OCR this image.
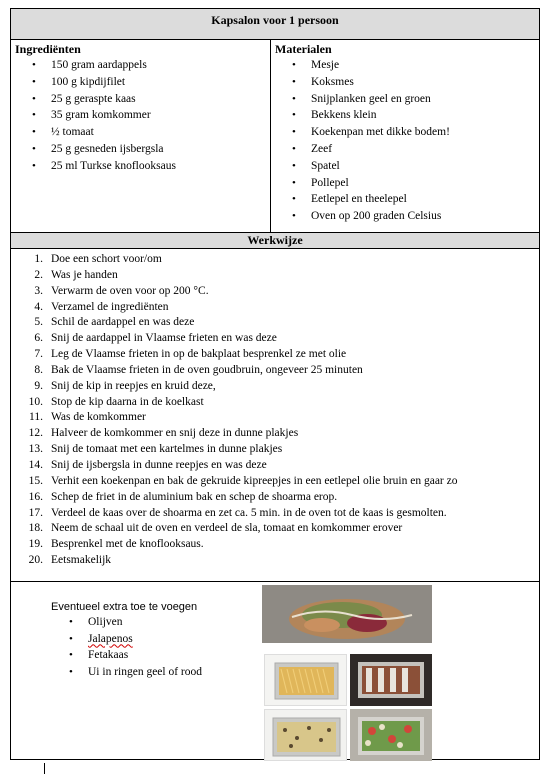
Kapsalon voor 1 persoon
Ingrediënten
• 150 gram aardappels
• 100 g kipdijfilet
• 25 g geraspte kaas
• 35 gram komkommer
• ½ tomaat
• 25 g gesneden ijsbergsla
• 25 ml Turkse knoflooksaus
Materialen
• Mesje
• Koksmes
• Snijplanken geel en groen
• Bekkens klein
• Koekenpan met dikke bodem!
• Zeef
• Spatel
• Pollepel
• Eetlepel en theelepel
• Oven op 200 graden Celsius
Werkwijze
1. Doe een schort voor/om
2. Was je handen
3. Verwarm de oven voor op 200 °C.
4. Verzamel de ingrediënten
5. Schil de aardappel en was deze
6. Snij de aardappel in Vlaamse frieten en was deze
7. Leg de Vlaamse frieten in op de bakplaat besprenkel ze met olie
8. Bak de Vlaamse frieten in de oven goudbruin, ongeveer 25 minuten
9. Snij de kip in reepjes en kruid deze,
10. Stop de kip daarna in de koelkast
11. Was de komkommer
12. Halveer de komkommer en snij deze in dunne plakjes
13. Snij de tomaat met een kartelmes in dunne plakjes
14. Snij de ijsbergsla in dunne reepjes en was deze
15. Verhit een koekenpan en bak de gekruide kipreepjes in een eetlepel olie bruin en gaar zo
16. Schep de friet in de aluminium bak en schep de shoarma erop.
17. Verdeel de kaas over de shoarma en zet ca. 5 min. in de oven tot de kaas is gesmolten.
18. Neem de schaal uit de oven en verdeel de sla, tomaat en komkommer erover
19. Besprenkel met de knoflooksaus.
20. Eetsmakelijk
Eventueel extra toe te voegen
• Olijven
• Jalapenos
• Fetakaas
• Ui in ringen geel of rood
